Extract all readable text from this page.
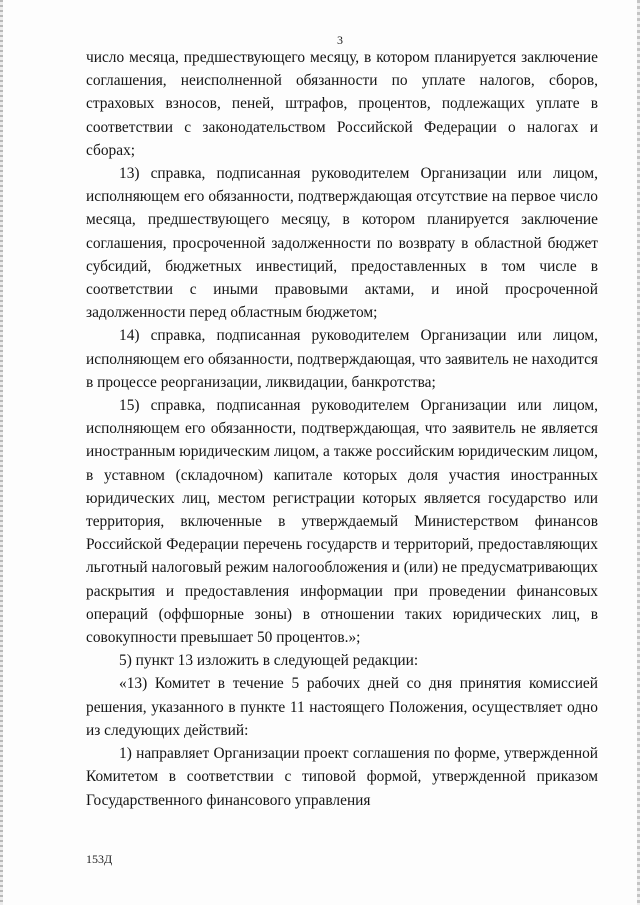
3

число месяца, предшествующего месяцу, в котором планируется заключение соглашения, неисполненной обязанности по уплате налогов, сборов, страховых взносов, пеней, штрафов, процентов, подлежащих уплате в соответствии с законодательством Российской Федерации о налогах и сборах;

13) справка, подписанная руководителем Организации или лицом, исполняющем его обязанности, подтверждающая отсутствие на первое число месяца, предшествующего месяцу, в котором планируется заключение соглашения, просроченной задолженности по возврату в областной бюджет субсидий, бюджетных инвестиций, предоставленных в том числе в соответствии с иными правовыми актами, и иной просроченной задолженности перед областным бюджетом;

14) справка, подписанная руководителем Организации или лицом, исполняющем его обязанности, подтверждающая, что заявитель не находится в процессе реорганизации, ликвидации, банкротства;

15) справка, подписанная руководителем Организации или лицом, исполняющем его обязанности, подтверждающая, что заявитель не является иностранным юридическим лицом, а также российским юридическим лицом, в уставном (складочном) капитале которых доля участия иностранных юридических лиц, местом регистрации которых является государство или территория, включенные в утверждаемый Министерством финансов Российской Федерации перечень государств и территорий, предоставляющих льготный налоговый режим налогообложения и (или) не предусматривающих раскрытия и предоставления информации при проведении финансовых операций (оффшорные зоны) в отношении таких юридических лиц, в совокупности превышает 50 процентов.»;

5) пункт 13 изложить в следующей редакции:

«13) Комитет в течение 5 рабочих дней со дня принятия комиссией решения, указанного в пункте 11 настоящего Положения, осуществляет одно из следующих действий:

1) направляет Организации проект соглашения по форме, утвержденной Комитетом в соответствии с типовой формой, утвержденной приказом Государственного финансового управления

153Д
